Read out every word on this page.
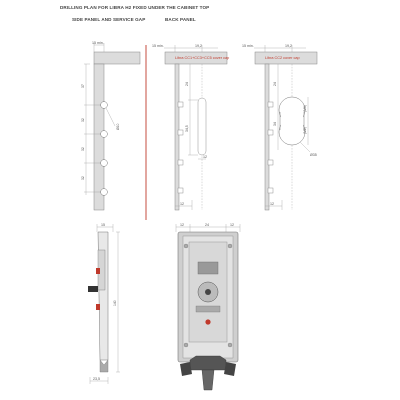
DRILLING PLAN FOR LIBRA H2 FIXED UNDER THE CABINET TOP
SIDE PANEL AND SERVICE GAP	BACK PANEL
15 min.
37
32
32
32
Ø10
15 min.	19,2
Libra CC1+CC3+CC5 cover cap
24
34,5
12
12
15 min.	19,2
Libra CC2 cover cap
24
34
(M6)
(M2)
Ø35
12
15
140
23,5
12	24	12
